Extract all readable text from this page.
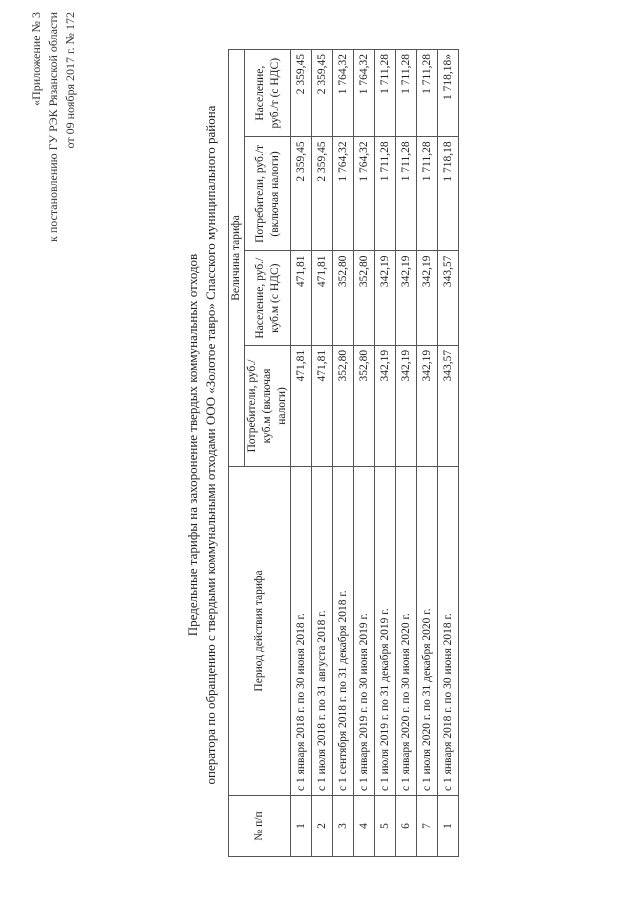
«Приложение № 3 к постановлению ГУ РЭК Рязанской области от 09 ноября 2017 г. № 172
Предельные тарифы на захоронение твердых коммунальных отходов оператора по обращению с твердыми коммунальными отходами ООО «Золотое тавро» Спасского муниципального района
№ п/п	Период действия тарифа	Величина тарифа			
		Потребители, руб./куб.м (включая налоги)	Население, руб./куб.м (с НДС)	Потребители, руб./т (включая налоги)	Население, руб./т (с НДС)
1	с 1 января 2018 г. по 30 июня 2018 г.	471,81	471,81	2 359,45	2 359,45
2	с 1 июля 2018 г. по 31 августа 2018 г.	471,81	471,81	2 359,45	2 359,45
3	с 1 сентября 2018 г. по 31 декабря 2018 г.	352,80	352,80	1 764,32	1 764,32
4	с 1 января 2019 г. по 30 июня 2019 г.	352,80	352,80	1 764,32	1 764,32
5	с 1 июля 2019 г. по 31 декабря 2019 г.	342,19	342,19	1 711,28	1 711,28
6	с 1 января 2020 г. по 30 июня 2020 г.	342,19	342,19	1 711,28	1 711,28
7	с 1 июля 2020 г. по 31 декабря 2020 г.	342,19	342,19	1 711,28	1 711,28
1	с 1 января 2018 г. по 30 июня 2018 г.	343,57	343,57	1 718,18	1 718,18»
